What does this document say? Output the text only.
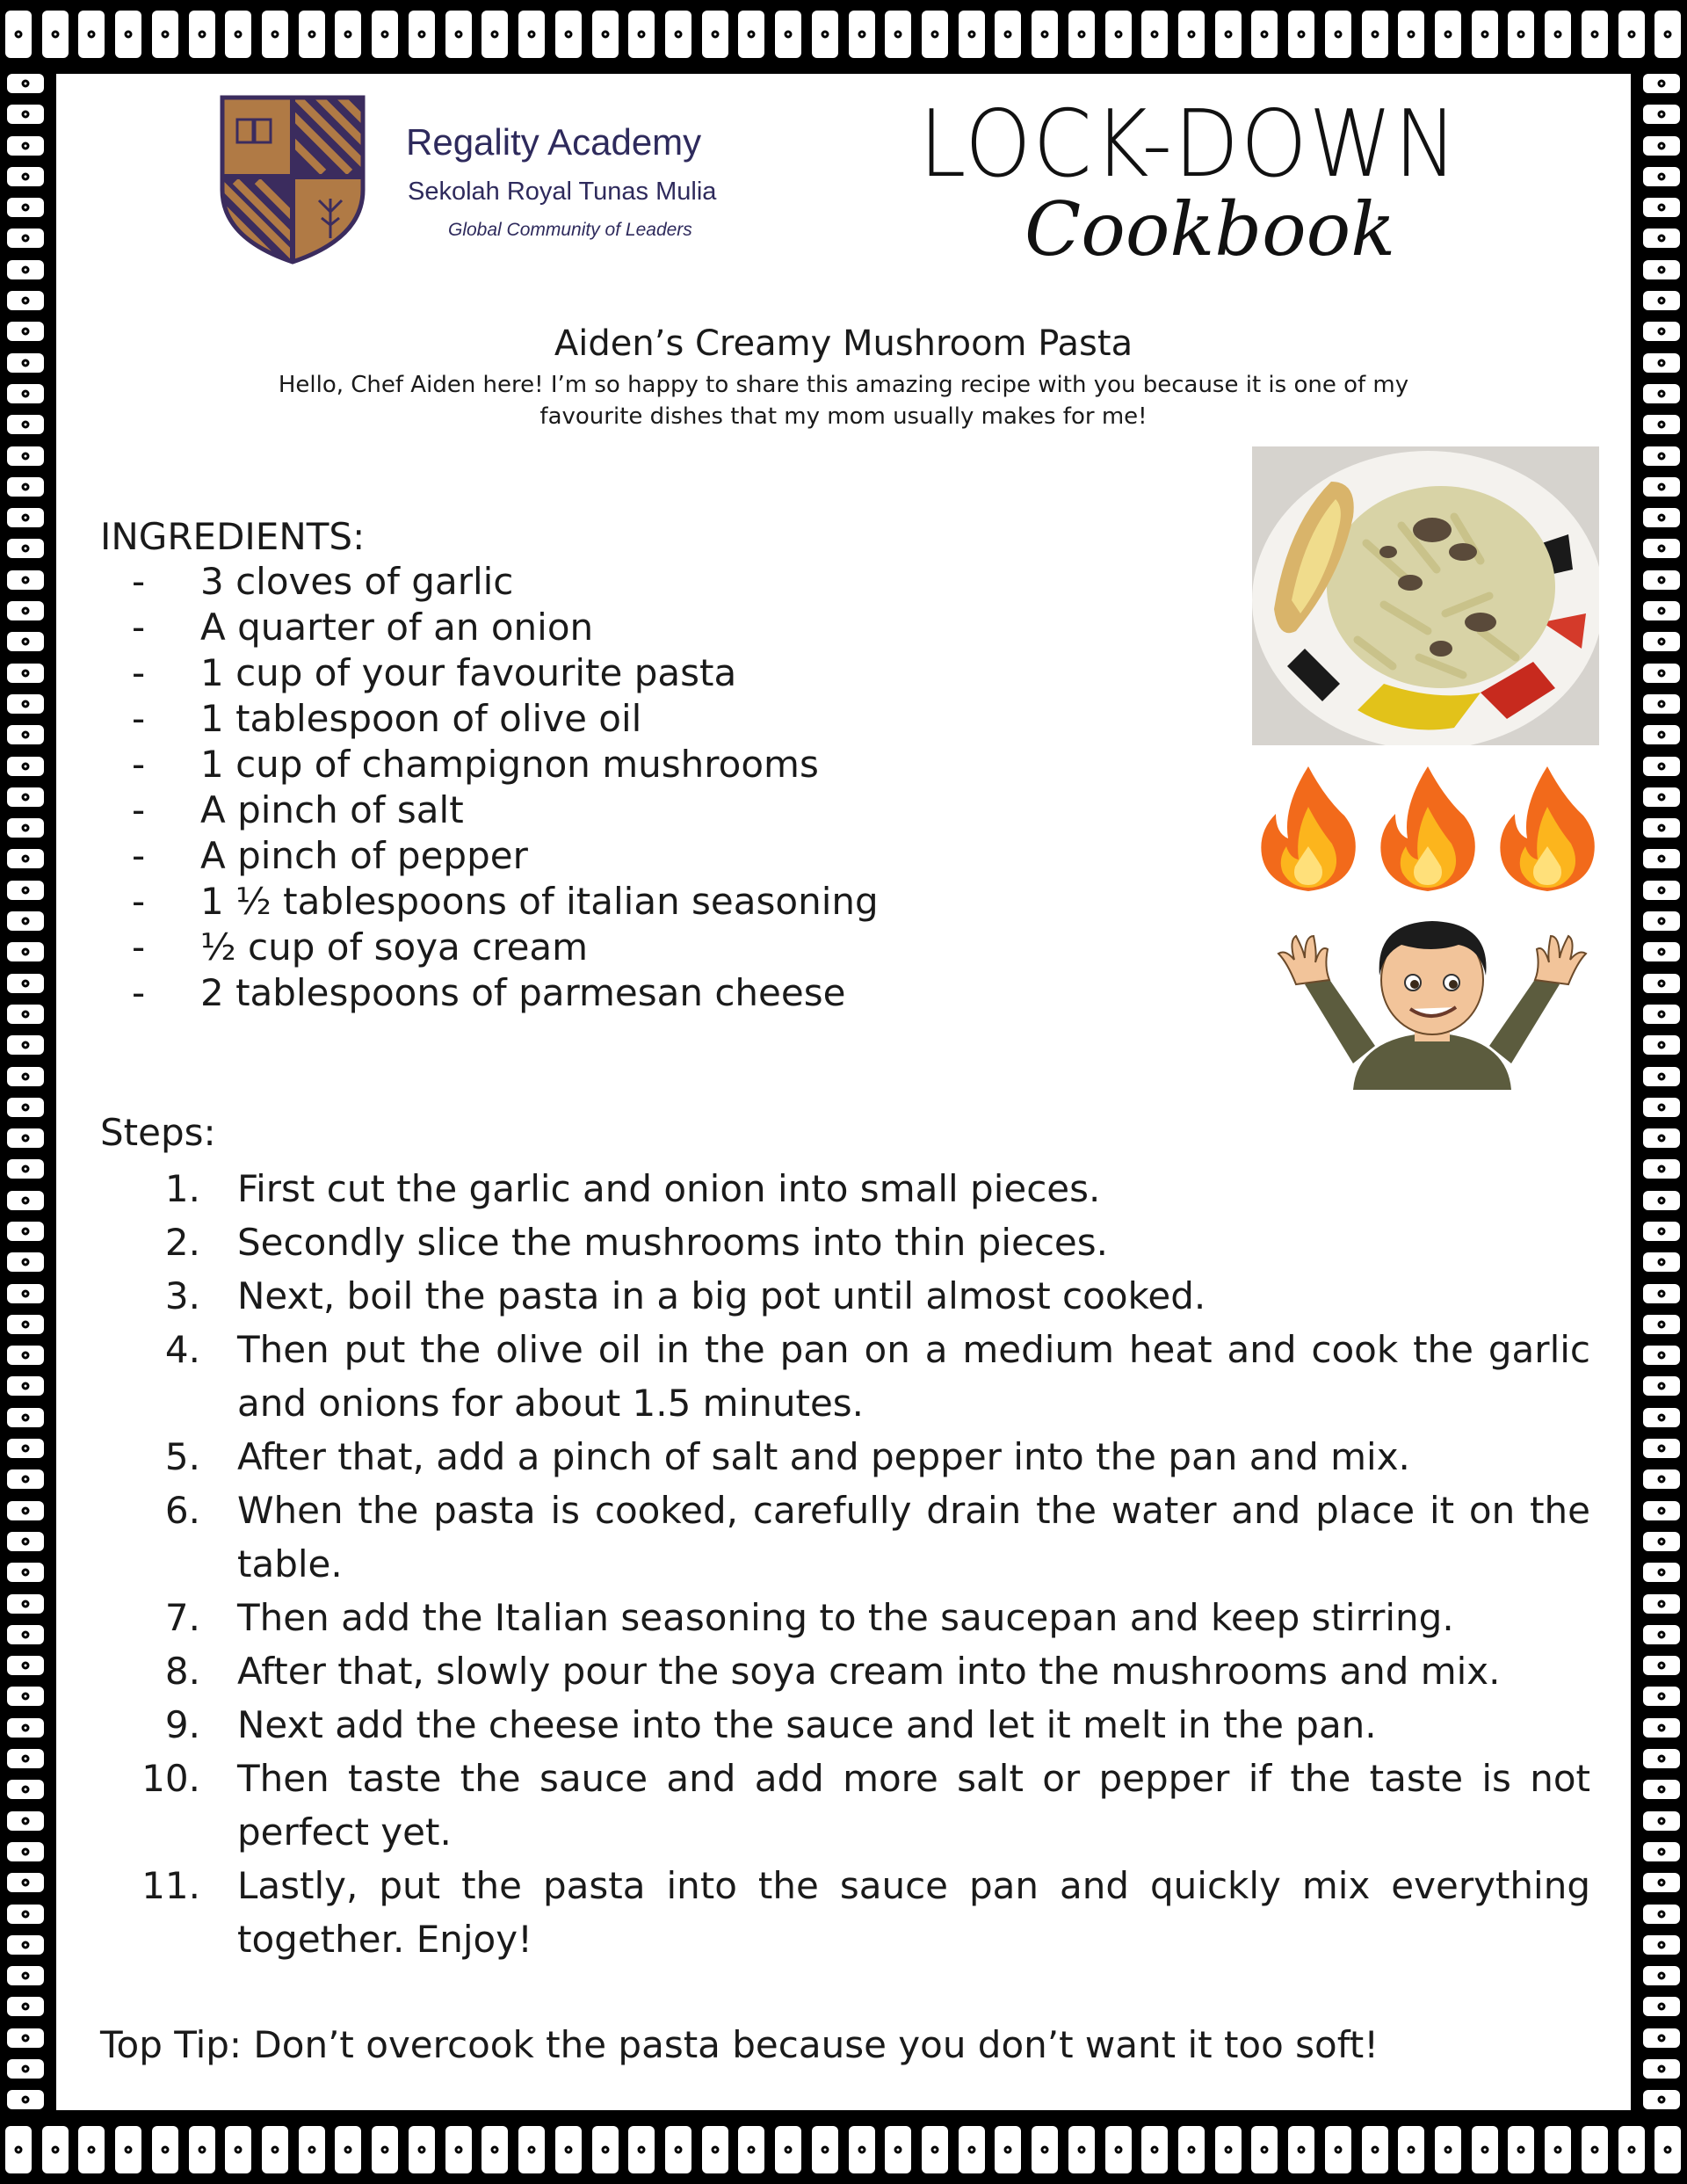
Regality Academy
Sekolah Royal Tunas Mulia
Global Community of Leaders
LOCK-DOWN
Cookbook
Aiden’s Creamy Mushroom Pasta
Hello, Chef Aiden here! I’m so happy to share this amazing recipe with you because it is one of my favourite dishes that my mom usually makes for me!
INGREDIENTS:
-	3 cloves of garlic
-	A quarter of an onion
-	1 cup of your favourite pasta
-	1 tablespoon of olive oil
-	1 cup of champignon mushrooms
-	A pinch of salt
-	A pinch of pepper
-	1 ½ tablespoons of italian seasoning
-	½ cup of soya cream
-	2 tablespoons of parmesan cheese
Steps:
1. First cut the garlic and onion into small pieces.
2. Secondly slice the mushrooms into thin pieces.
3. Next, boil the pasta in a big pot until almost cooked.
4. Then put the olive oil in the pan on a medium heat and cook the garlic and onions for about 1.5 minutes.
5. After that, add a pinch of salt and pepper into the pan and mix.
6. When the pasta is cooked, carefully drain the water and place it on the table.
7. Then add the Italian seasoning to the saucepan and keep stirring.
8. After that, slowly pour the soya cream into the mushrooms and mix.
9. Next add the cheese into the sauce and let it melt in the pan.
10. Then taste the sauce and add more salt or pepper if the taste is not perfect yet.
11. Lastly, put the pasta into the sauce pan and quickly mix everything together. Enjoy!
Top Tip: Don’t overcook the pasta because you don’t want it too soft!
